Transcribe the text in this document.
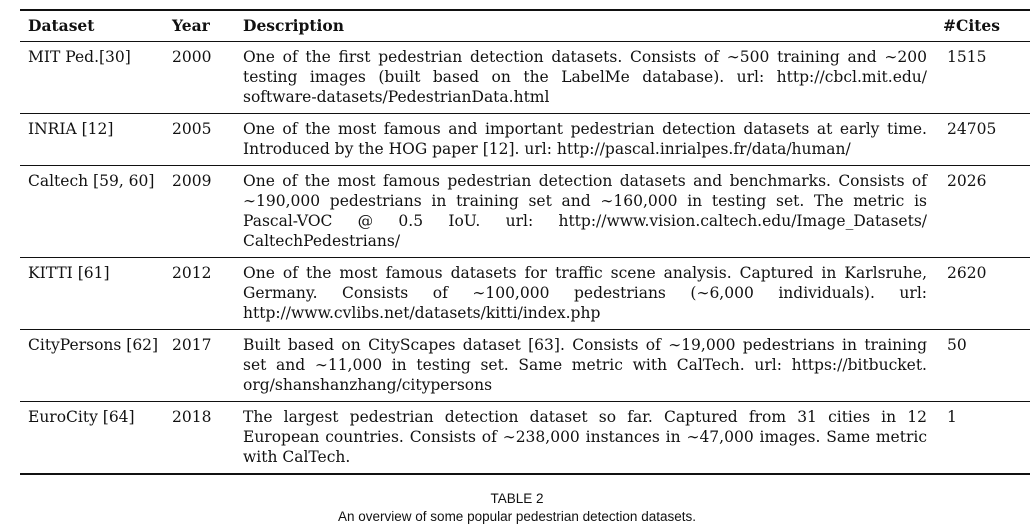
Dataset	Year	Description	#Cites
MIT Ped.[30]	2000	One of the first pedestrian detection datasets. Consists of ∼500 training and ∼200 testing images (built based on the LabelMe database). url: http://cbcl.mit.edu/ software-datasets/PedestrianData.html	1515
INRIA [12]	2005	One of the most famous and important pedestrian detection datasets at early time. Introduced by the HOG paper [12]. url: http://pascal.inrialpes.fr/data/human/	24705
Caltech [59, 60]	2009	One of the most famous pedestrian detection datasets and benchmarks. Consists of ∼190,000 pedestrians in training set and ∼160,000 in testing set. The metric is Pascal-VOC @ 0.5 IoU. url: http://www.vision.caltech.edu/Image_Datasets/ CaltechPedestrians/	2026
KITTI [61]	2012	One of the most famous datasets for traffic scene analysis. Captured in Karlsruhe, Germany. Consists of ∼100,000 pedestrians (∼6,000 individuals). url: http://www.cvlibs.net/datasets/kitti/index.php	2620
CityPersons [62]	2017	Built based on CityScapes dataset [63]. Consists of ∼19,000 pedestrians in training set and ∼11,000 in testing set. Same metric with CalTech. url: https://bitbucket. org/shanshanzhang/citypersons	50
EuroCity [64]	2018	The largest pedestrian detection dataset so far. Captured from 31 cities in 12 European countries. Consists of ∼238,000 instances in ∼47,000 images. Same metric with CalTech.	1
TABLE 2
An overview of some popular pedestrian detection datasets.
